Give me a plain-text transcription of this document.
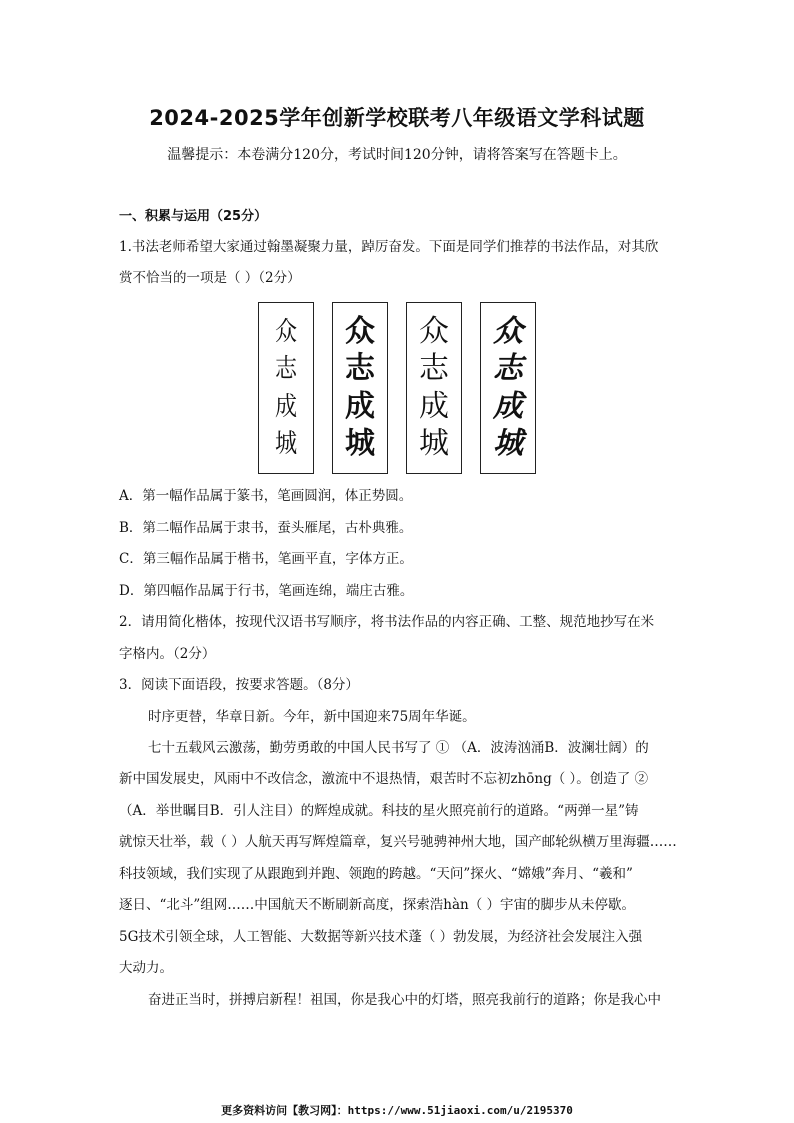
2024-2025学年创新学校联考八年级语文学科试题
温馨提示：本卷满分120分，考试时间120分钟，请将答案写在答题卡上。
一、积累与运用（25分）
1.书法老师希望大家通过翰墨凝聚力量，踔厉奋发。下面是同学们推荐的书法作品，对其欣
赏不恰当的一项是（ ）（2分）
众
志
成
城
众
志
成
城
众
志
成
城
众
志
成
城
A．第一幅作品属于篆书，笔画圆润，体正势圆。
B．第二幅作品属于隶书，蚕头雁尾，古朴典雅。
C．第三幅作品属于楷书，笔画平直，字体方正。
D．第四幅作品属于行书，笔画连绵，端庄古雅。
2．请用简化楷体，按现代汉语书写顺序，将书法作品的内容正确、工整、规范地抄写在米
字格内。（2分）
3．阅读下面语段，按要求答题。（8分）
时序更替，华章日新。今年，新中国迎来75周年华诞。
七十五载风云激荡，勤劳勇敢的中国人民书写了 ① （A．波涛汹涌B．波澜壮阔）的
新中国发展史，风雨中不改信念，激流中不退热情，艰苦时不忘初zhōng（ ）。创造了 ②
（A．举世瞩目B．引人注目）的辉煌成就。科技的星火照亮前行的道路。“两弹一星”铸
就惊天壮举，载（ ）人航天再写辉煌篇章，复兴号驰骋神州大地，国产邮轮纵横万里海疆……
科技领域，我们实现了从跟跑到并跑、领跑的跨越。“天问”探火、“嫦娥”奔月、“羲和”
逐日、“北斗”组网……中国航天不断刷新高度，探索浩hàn（ ）宇宙的脚步从未停歇。
5G技术引领全球，人工智能、大数据等新兴技术蓬（ ）勃发展，为经济社会发展注入强
大动力。
奋进正当时，拼搏启新程！祖国，你是我心中的灯塔，照亮我前行的道路；你是我心中
更多资料访问【教习网】：https://www.51jiaoxi.com/u/2195370
